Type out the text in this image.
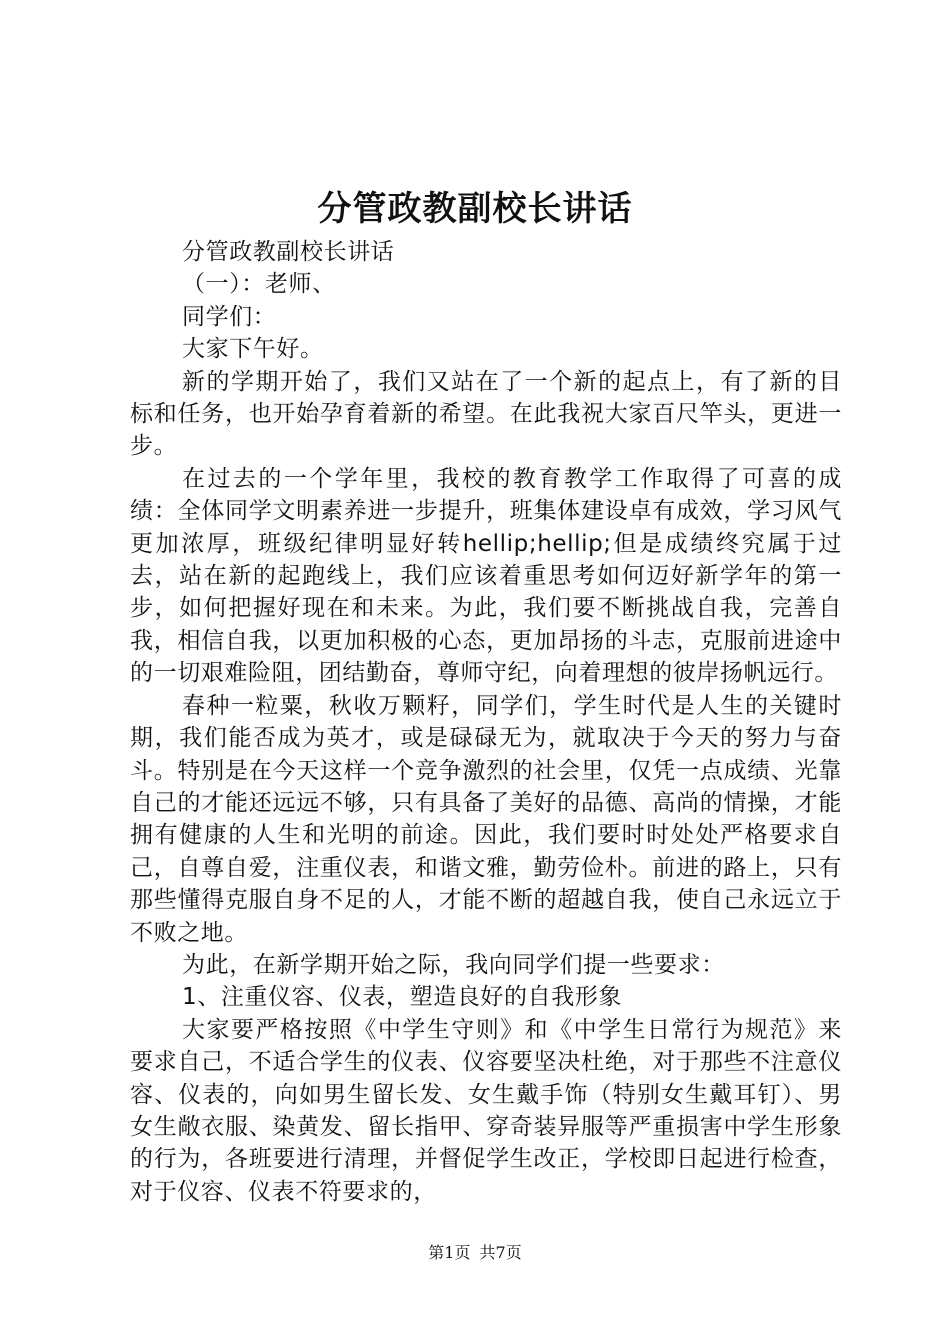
分管政教副校长讲话

分管政教副校长讲话

（一）：老师、

同学们：

大家下午好。

新的学期开始了，我们又站在了一个新的起点上，有了新的目标和任务，也开始孕育着新的希望。在此我祝大家百尺竿头，更进一步。

在过去的一个学年里，我校的教育教学工作取得了可喜的成绩：全体同学文明素养进一步提升，班集体建设卓有成效，学习风气更加浓厚，班级纪律明显好转hellip;hellip;但是成绩终究属于过去，站在新的起跑线上，我们应该着重思考如何迈好新学年的第一步，如何把握好现在和未来。为此，我们要不断挑战自我，完善自我，相信自我，以更加积极的心态，更加昂扬的斗志，克服前进途中的一切艰难险阻，团结勤奋，尊师守纪，向着理想的彼岸扬帆远行。

春种一粒粟，秋收万颗籽，同学们，学生时代是人生的关键时期，我们能否成为英才，或是碌碌无为，就取决于今天的努力与奋斗。特别是在今天这样一个竞争激烈的社会里，仅凭一点成绩、光靠自己的才能还远远不够，只有具备了美好的品德、高尚的情操，才能拥有健康的人生和光明的前途。因此，我们要时时处处严格要求自己，自尊自爱，注重仪表，和谐文雅，勤劳俭朴。前进的路上，只有那些懂得克服自身不足的人，才能不断的超越自我，使自己永远立于不败之地。

为此，在新学期开始之际，我向同学们提一些要求：

1、注重仪容、仪表，塑造良好的自我形象

大家要严格按照《中学生守则》和《中学生日常行为规范》来要求自己，不适合学生的仪表、仪容要坚决杜绝，对于那些不注意仪容、仪表的，向如男生留长发、女生戴手饰（特别女生戴耳钉）、男女生敞衣服、染黄发、留长指甲、穿奇装异服等严重损害中学生形象的行为，各班要进行清理，并督促学生改正，学校即日起进行检查，对于仪容、仪表不符要求的，

第1页 共7页
